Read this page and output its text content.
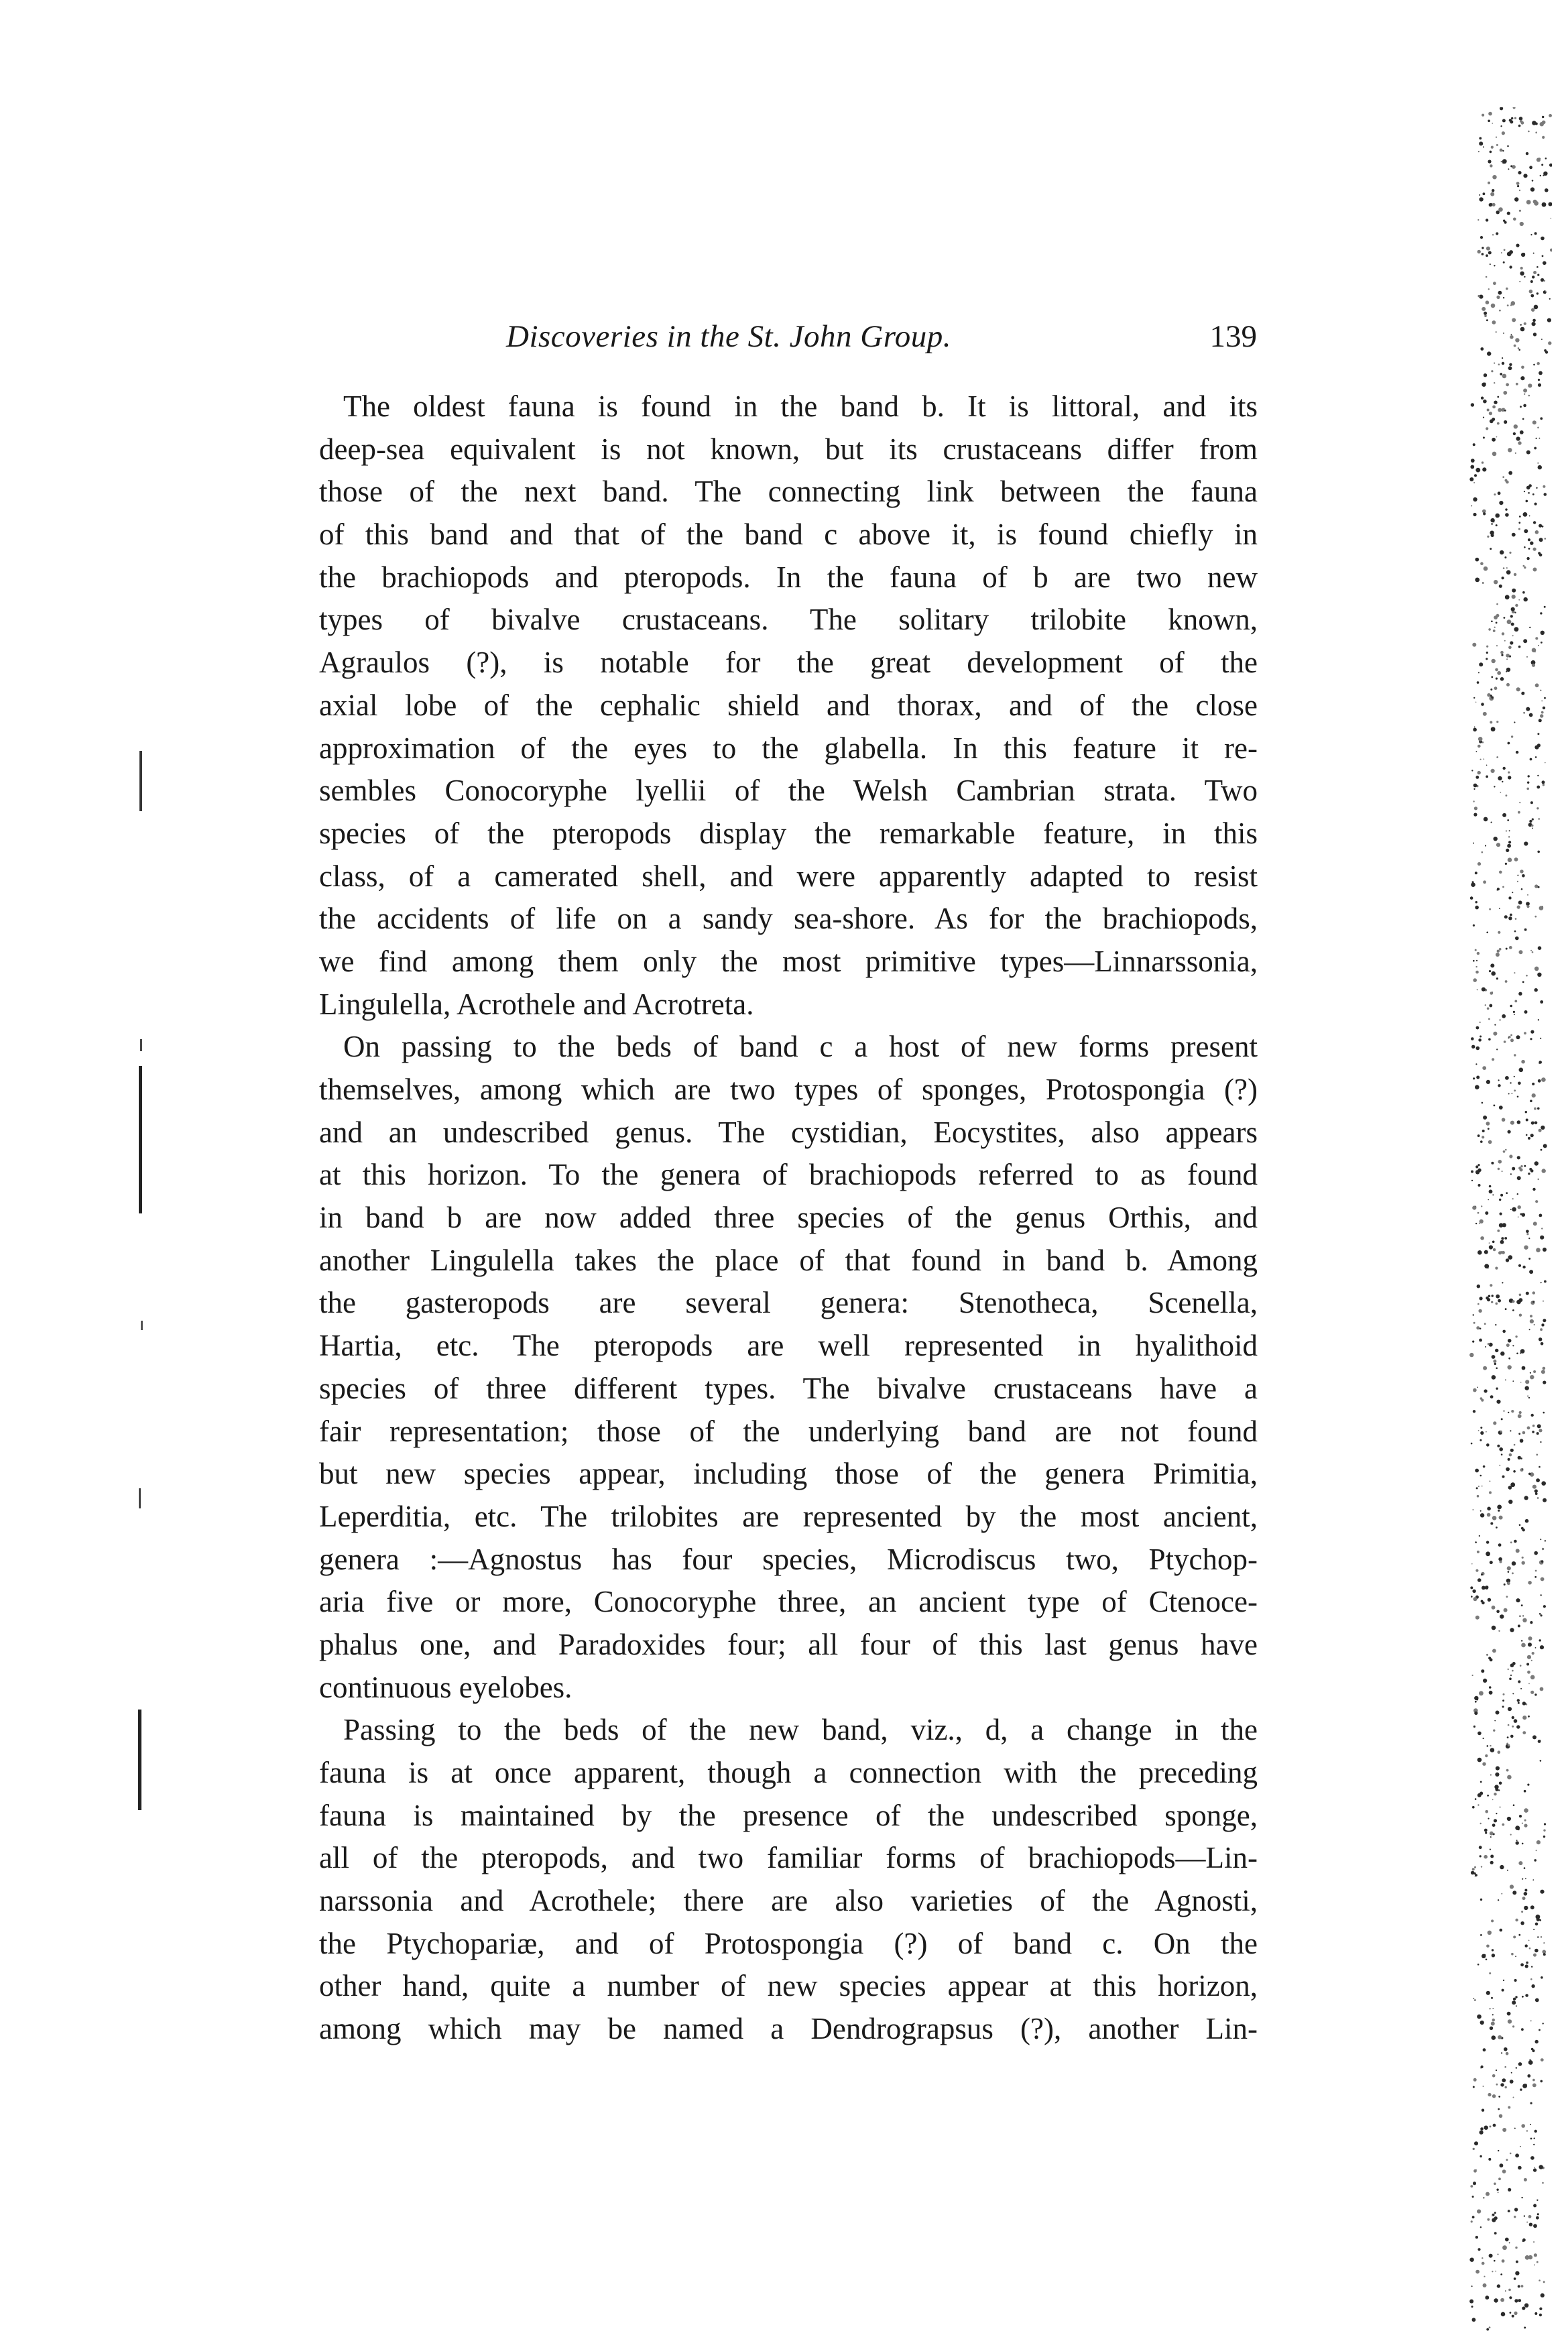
Discoveries in the St. John Group.	139
The oldest fauna is found in the band b. It is littoral, and its
deep-sea equivalent is not known, but its crustaceans differ from
those of the next band. The connecting link between the fauna
of this band and that of the band c above it, is found chiefly in
the brachiopods and pteropods. In the fauna of b are two new
types of bivalve crustaceans. The solitary trilobite known,
Agraulos (?), is notable for the great development of the
axial lobe of the cephalic shield and thorax, and of the close
approximation of the eyes to the glabella. In this feature it re-
sembles Conocoryphe lyellii of the Welsh Cambrian strata. Two
species of the pteropods display the remarkable feature, in this
class, of a camerated shell, and were apparently adapted to resist
the accidents of life on a sandy sea-shore. As for the brachiopods,
we find among them only the most primitive types—Linnarssonia,
Lingulella, Acrothele and Acrotreta.
On passing to the beds of band c a host of new forms present
themselves, among which are two types of sponges, Protospongia (?)
and an undescribed genus. The cystidian, Eocystites, also appears
at this horizon. To the genera of brachiopods referred to as found
in band b are now added three species of the genus Orthis, and
another Lingulella takes the place of that found in band b. Among
the gasteropods are several genera: Stenotheca, Scenella,
Hartia, etc. The pteropods are well represented in hyalithoid
species of three different types. The bivalve crustaceans have a
fair representation; those of the underlying band are not found
but new species appear, including those of the genera Primitia,
Leperditia, etc. The trilobites are represented by the most ancient,
genera :—Agnostus has four species, Microdiscus two, Ptychop-
aria five or more, Conocoryphe three, an ancient type of Ctenoce-
phalus one, and Paradoxides four; all four of this last genus have
continuous eyelobes.
Passing to the beds of the new band, viz., d, a change in the
fauna is at once apparent, though a connection with the preceding
fauna is maintained by the presence of the undescribed sponge,
all of the pteropods, and two familiar forms of brachiopods—Lin-
narssonia and Acrothele; there are also varieties of the Agnosti,
the Ptychopariæ, and of Protospongia (?) of band c. On the
other hand, quite a number of new species appear at this horizon,
among which may be named a Dendrograpsus (?), another Lin-
